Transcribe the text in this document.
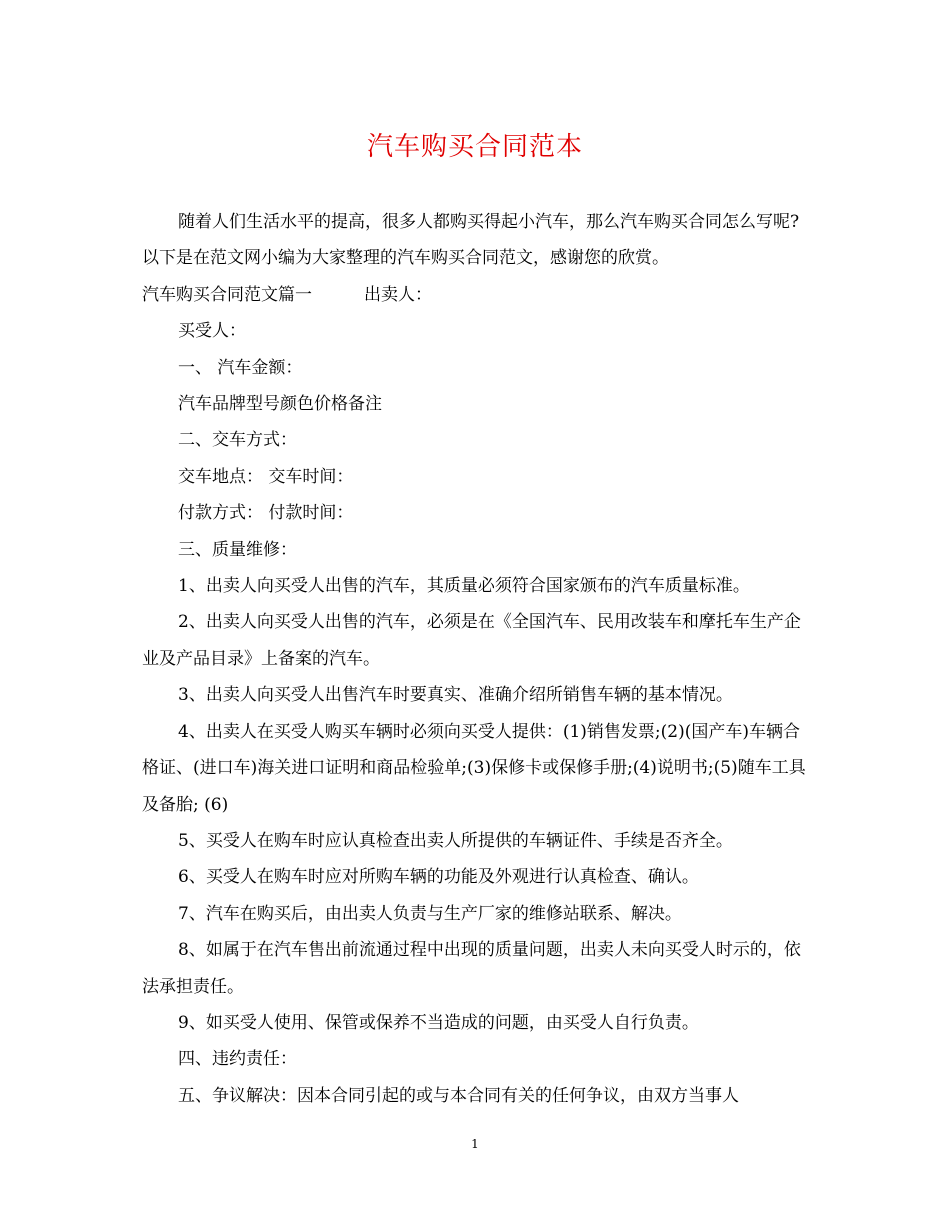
汽车购买合同范本

随着人们生活水平的提高，很多人都购买得起小汽车，那么汽车购买合同怎么写呢?以下是在范文网小编为大家整理的汽车购买合同范文，感谢您的欣赏。

汽车购买合同范文篇一	出卖人：

买受人：

一、 汽车金额：

汽车品牌型号颜色价格备注

二、交车方式：

交车地点： 交车时间：

付款方式： 付款时间：

三、质量维修：

1、出卖人向买受人出售的汽车，其质量必须符合国家颁布的汽车质量标准。

2、出卖人向买受人出售的汽车，必须是在《全国汽车、民用改装车和摩托车生产企业及产品目录》上备案的汽车。

3、出卖人向买受人出售汽车时要真实、准确介绍所销售车辆的基本情况。

4、出卖人在买受人购买车辆时必须向买受人提供：(1)销售发票;(2)(国产车)车辆合格证、(进口车)海关进口证明和商品检验单;(3)保修卡或保修手册;(4)说明书;(5)随车工具及备胎; (6)

5、买受人在购车时应认真检查出卖人所提供的车辆证件、手续是否齐全。

6、买受人在购车时应对所购车辆的功能及外观进行认真检查、确认。

7、汽车在购买后，由出卖人负责与生产厂家的维修站联系、解决。

8、如属于在汽车售出前流通过程中出现的质量问题，出卖人未向买受人时示的，依法承担责任。

9、如买受人使用、保管或保养不当造成的问题，由买受人自行负责。

四、违约责任：

五、争议解决：因本合同引起的或与本合同有关的任何争议，由双方当事人

1
